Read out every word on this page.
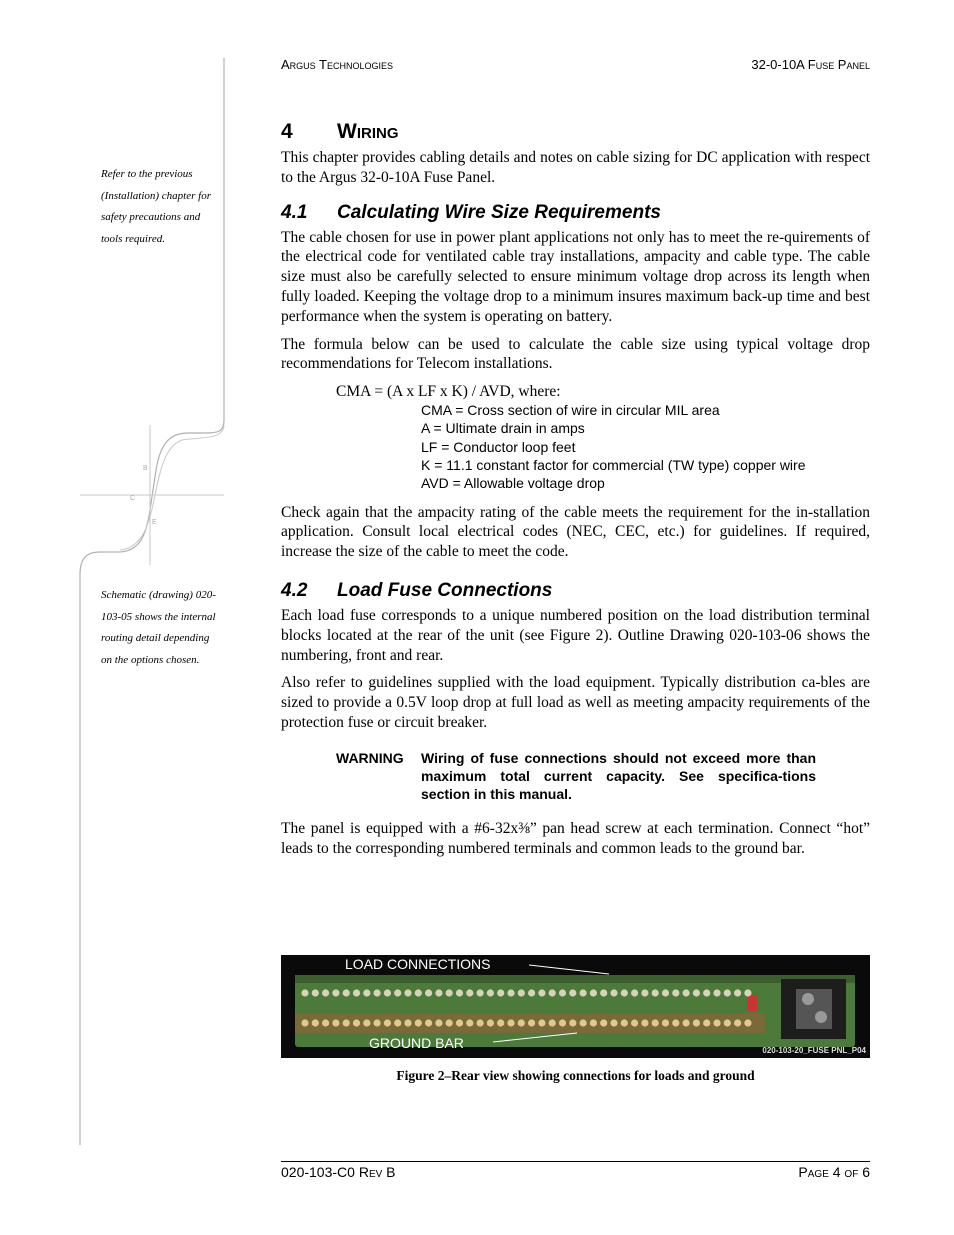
B
C
E
Argus Technologies	32-0-10A Fuse Panel
Refer to the previous (Installation) chapter for safety precautions and tools required.
Schematic (drawing) 020-103-05 shows the internal routing detail depending on the options chosen.
4	Wiring

This chapter provides cabling details and notes on cable sizing for DC application with respect to the Argus 32-0-10A Fuse Panel.

4.1	Calculating Wire Size Requirements

The cable chosen for use in power plant applications not only has to meet the re-quirements of the electrical code for ventilated cable tray installations, ampacity and cable type. The cable size must also be carefully selected to ensure minimum voltage drop across its length when fully loaded. Keeping the voltage drop to a minimum insures maximum back-up time and best performance when the system is operating on battery.

The formula below can be used to calculate the cable size using typical voltage drop recommendations for Telecom installations.

CMA = (A x LF x K) / AVD, where:
CMA = Cross section of wire in circular MIL area
A = Ultimate drain in amps
LF = Conductor loop feet
K = 11.1 constant factor for commercial (TW type) copper wire
AVD = Allowable voltage drop

Check again that the ampacity rating of the cable meets the requirement for the in-stallation application. Consult local electrical codes (NEC, CEC, etc.) for guidelines. If required, increase the size of the cable to meet the code.

4.2	Load Fuse Connections

Each load fuse corresponds to a unique numbered position on the load distribution terminal blocks located at the rear of the unit (see Figure 2). Outline Drawing 020-103-06 shows the numbering, front and rear.

Also refer to guidelines supplied with the load equipment. Typically distribution ca-bles are sized to provide a 0.5V loop drop at full load as well as meeting ampacity requirements of the protection fuse or circuit breaker.

WARNING	Wiring of fuse connections should not exceed more than maximum total current capacity. See specifica-tions section in this manual.

The panel is equipped with a #6-32x⅜” pan head screw at each termination. Connect “hot” leads to the corresponding numbered terminals and common leads to the ground bar.

LOAD CONNECTIONS
GROUND BAR	020-103-20_FUSE PNL_P04
Figure 2–Rear view showing connections for loads and ground
020-103-C0 Rev B	Page 4 of 6
